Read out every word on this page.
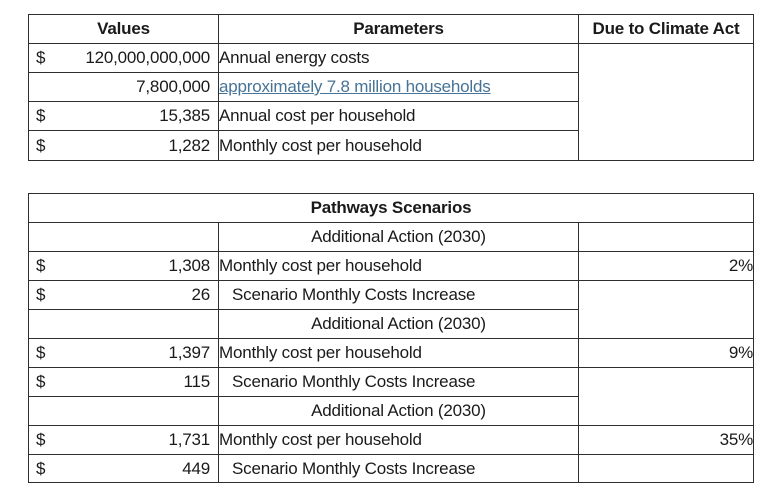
Values	Parameters	Due to Climate Act

$ 120,000,000,000	Annual energy costs	

7,800,000	approximately 7.8 million households	

$ 15,385	Annual cost per household	

$ 1,282	Monthly cost per household	
Pathways Scenarios		
	Additional Action (2030)	

$ 1,308	Monthly cost per household	2%

$ 26	Scenario Monthly Costs Increase	
	Additional Action (2030)	

$ 1,397	Monthly cost per household	9%

$ 115	Scenario Monthly Costs Increase	
	Additional Action (2030)	

$ 1,731	Monthly cost per household	35%

$ 449	Scenario Monthly Costs Increase	
